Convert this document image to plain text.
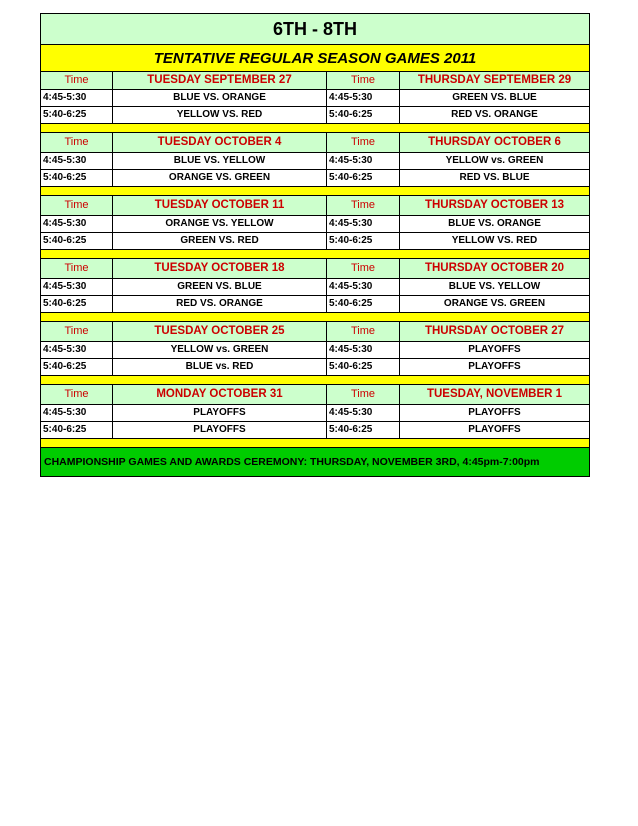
6TH - 8TH
TENTATIVE REGULAR SEASON GAMES 2011
Time	TUESDAY SEPTEMBER 27	Time	THURSDAY SEPTEMBER 29
4:45-5:30	BLUE VS. ORANGE	4:45-5:30	GREEN VS. BLUE
5:40-6:25	YELLOW VS. RED	5:40-6:25	RED VS. ORANGE
Time	TUESDAY OCTOBER 4	Time	THURSDAY OCTOBER 6
4:45-5:30	BLUE VS. YELLOW	4:45-5:30	YELLOW vs. GREEN
5:40-6:25	ORANGE VS. GREEN	5:40-6:25	RED VS. BLUE
Time	TUESDAY OCTOBER 11	Time	THURSDAY OCTOBER 13
4:45-5:30	ORANGE VS. YELLOW	4:45-5:30	BLUE VS. ORANGE
5:40-6:25	GREEN VS. RED	5:40-6:25	YELLOW VS. RED
Time	TUESDAY OCTOBER 18	Time	THURSDAY OCTOBER 20
4:45-5:30	GREEN VS. BLUE	4:45-5:30	BLUE VS. YELLOW
5:40-6:25	RED VS. ORANGE	5:40-6:25	ORANGE VS. GREEN
Time	TUESDAY OCTOBER 25	Time	THURSDAY OCTOBER 27
4:45-5:30	YELLOW vs. GREEN	4:45-5:30	PLAYOFFS
5:40-6:25	BLUE vs. RED	5:40-6:25	PLAYOFFS
Time	MONDAY OCTOBER 31	Time	TUESDAY, NOVEMBER 1
4:45-5:30	PLAYOFFS	4:45-5:30	PLAYOFFS
5:40-6:25	PLAYOFFS	5:40-6:25	PLAYOFFS
CHAMPIONSHIP GAMES AND AWARDS CEREMONY: THURSDAY, NOVEMBER 3RD, 4:45pm-7:00pm
